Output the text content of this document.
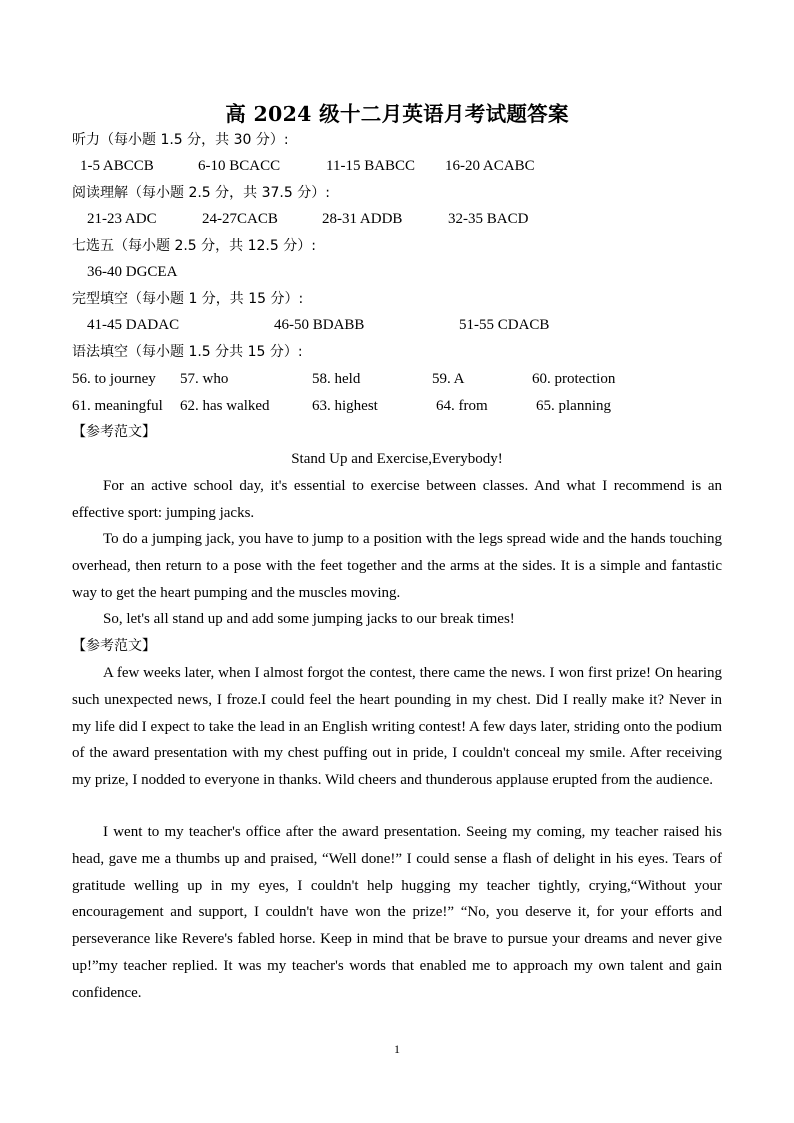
高 2024 级十二月英语月考试题答案
听力（每小题 1.5 分，共 30 分）:
1-5 ABCCB	6-10 BCACC	11-15 BABCC 16-20 ACABC
阅读理解（每小题 2.5 分，共 37.5 分）:
21-23 ADC	24-27CACB	28-31 ADDB	32-35 BACD
七选五（每小题 2.5 分，共 12.5 分）:
36-40 DGCEA
完型填空（每小题 1 分，共 15 分）:
41-45 DADAC	46-50 BDABB	51-55 CDACB
语法填空（每小题 1.5 分共 15 分）:
56. to journey 57. who	58. held	59. A	60. protection
61. meaningful 62. has walked	63. highest	64. from	65. planning
【参考范文】
Stand Up and Exercise,Everybody!

For an active school day, it's essential to exercise between classes. And what I recommend is an effective sport: jumping jacks.

To do a jumping jack, you have to jump to a position with the legs spread wide and the hands touching overhead, then return to a pose with the feet together and the arms at the sides. It is a simple and fantastic way to get the heart pumping and the muscles moving.

So, let's all stand up and add some jumping jacks to our break times!

【参考范文】

A few weeks later, when I almost forgot the contest, there came the news. I won first prize! On hearing such unexpected news, I froze.I could feel the heart pounding in my chest. Did I really make it? Never in my life did I expect to take the lead in an English writing contest! A few days later, striding onto the podium of the award presentation with my chest puffing out in pride, I couldn't conceal my smile. After receiving my prize, I nodded to everyone in thanks. Wild cheers and thunderous applause erupted from the audience.

I went to my teacher's office after the award presentation. Seeing my coming, my teacher raised his head, gave me a thumbs up and praised, “Well done!” I could sense a flash of delight in his eyes. Tears of gratitude welling up in my eyes, I couldn't help hugging my teacher tightly, crying,“Without your encouragement and support, I couldn't have won the prize!” “No, you deserve it, for your efforts and perseverance like Revere's fabled horse. Keep in mind that be brave to pursue your dreams and never give up!”my teacher replied. It was my teacher's words that enabled me to approach my own talent and gain confidence.

1
